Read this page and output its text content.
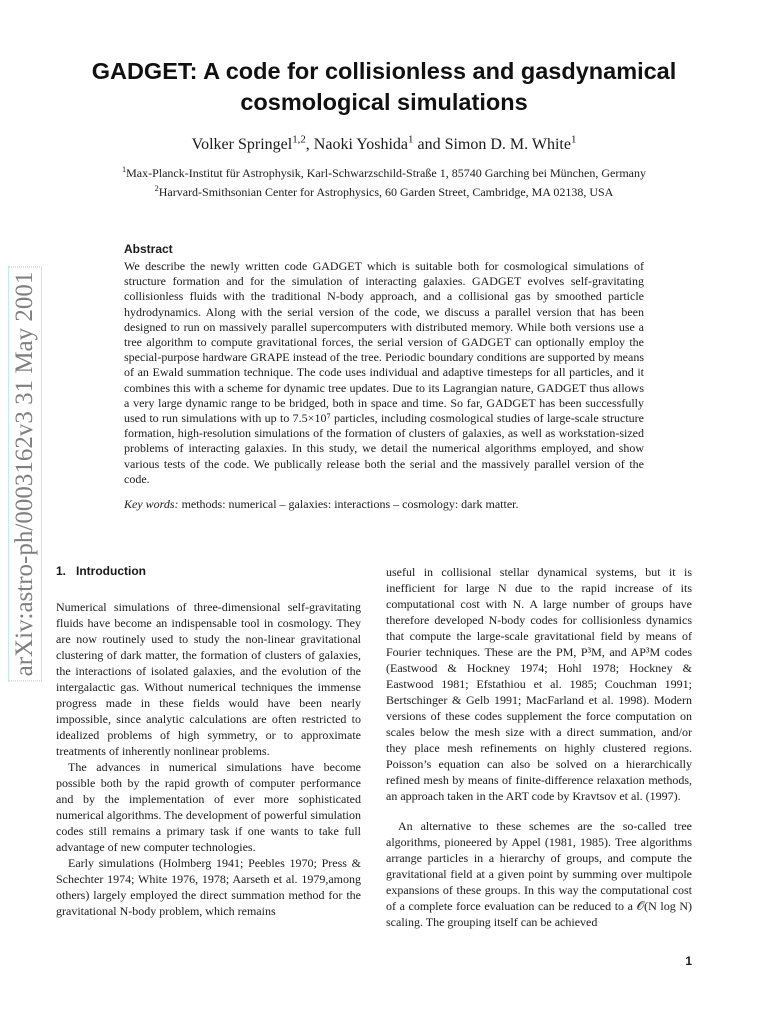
arXiv:astro-ph/0003162v3 31 May 2001
GADGET: A code for collisionless and gasdynamical cosmological simulations
Volker Springel$^{1,2}$, Naoki Yoshida$^1$ and Simon D. M. White$^1$
$^1$Max-Planck-Institut für Astrophysik, Karl-Schwarzschild-Straße 1, 85740 Garching bei München, Germany
$^2$Harvard-Smithsonian Center for Astrophysics, 60 Garden Street, Cambridge, MA 02138, USA
Abstract

We describe the newly written code GADGET which is suitable both for cosmological simulations of structure formation and for the simulation of interacting galaxies. GADGET evolves self-gravitating collisionless fluids with the traditional N-body approach, and a collisional gas by smoothed particle hydrodynamics. Along with the serial version of the code, we discuss a parallel version that has been designed to run on massively parallel supercomputers with distributed memory. While both versions use a tree algorithm to compute gravitational forces, the serial version of GADGET can optionally employ the special-purpose hardware GRAPE instead of the tree. Periodic boundary conditions are supported by means of an Ewald summation technique. The code uses individual and adaptive timesteps for all particles, and it combines this with a scheme for dynamic tree updates. Due to its Lagrangian nature, GADGET thus allows a very large dynamic range to be bridged, both in space and time. So far, GADGET has been successfully used to run simulations with up to 7.5×10⁷ particles, including cosmological studies of large-scale structure formation, high-resolution simulations of the formation of clusters of galaxies, as well as workstation-sized problems of interacting galaxies. In this study, we detail the numerical algorithms employed, and show various tests of the code. We publically release both the serial and the massively parallel version of the code.

Key words: methods: numerical – galaxies: interactions – cosmology: dark matter.

1. Introduction

Numerical simulations of three-dimensional self-gravitating fluids have become an indispensable tool in cosmology. They are now routinely used to study the non-linear gravitational clustering of dark matter, the formation of clusters of galaxies, the interactions of isolated galaxies, and the evolution of the intergalactic gas. Without numerical techniques the immense progress made in these fields would have been nearly impossible, since analytic calculations are often restricted to idealized problems of high symmetry, or to approximate treatments of inherently nonlinear problems.

The advances in numerical simulations have become possible both by the rapid growth of computer performance and by the implementation of ever more sophisticated numerical algorithms. The development of powerful simulation codes still remains a primary task if one wants to take full advantage of new computer technologies.

Early simulations (Holmberg 1941; Peebles 1970; Press & Schechter 1974; White 1976, 1978; Aarseth et al. 1979,among others) largely employed the direct summation method for the gravitational N-body problem, which remains

useful in collisional stellar dynamical systems, but it is inefficient for large N due to the rapid increase of its computational cost with N. A large number of groups have therefore developed N-body codes for collisionless dynamics that compute the large-scale gravitational field by means of Fourier techniques. These are the PM, P³M, and AP³M codes (Eastwood & Hockney 1974; Hohl 1978; Hockney & Eastwood 1981; Efstathiou et al. 1985; Couchman 1991; Bertschinger & Gelb 1991; MacFarland et al. 1998). Modern versions of these codes supplement the force computation on scales below the mesh size with a direct summation, and/or they place mesh refinements on highly clustered regions. Poisson’s equation can also be solved on a hierarchically refined mesh by means of finite-difference relaxation methods, an approach taken in the ART code by Kravtsov et al. (1997).

An alternative to these schemes are the so-called tree algorithms, pioneered by Appel (1981, 1985). Tree algorithms arrange particles in a hierarchy of groups, and compute the gravitational field at a given point by summing over multipole expansions of these groups. In this way the computational cost of a complete force evaluation can be reduced to a 𝒪(N log N) scaling. The grouping itself can be achieved

1
